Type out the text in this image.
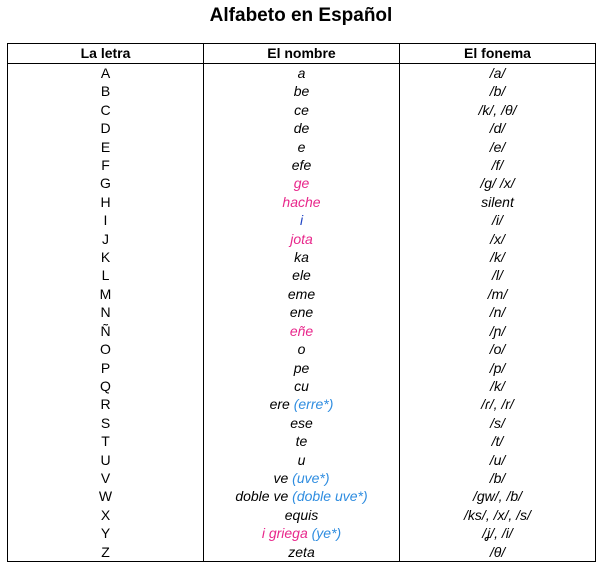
Alfabeto en Español
La letra	El nombre	El fonema
A	a	/a/
B	be	/b/
C	ce	/k/, /θ/
D	de	/d/
E	e	/e/
F	efe	/f/
G	ge	/g/ /x/
H	hache	silent
I	i	/i/
J	jota	/x/
K	ka	/k/
L	ele	/l/
M	eme	/m/
N	ene	/n/
Ñ	eñe	/ɲ/
O	o	/o/
P	pe	/p/
Q	cu	/k/
R	ere (erre*)	/ɾ/, /r/
S	ese	/s/
T	te	/t/
U	u	/u/
V	ve (uve*)	/b/
W	doble ve (doble uve*)	/gw/, /b/
X	equis	/ks/, /x/, /s/
Y	i griega (ye*)	/ʝ/, /i/
Z	zeta	/θ/
